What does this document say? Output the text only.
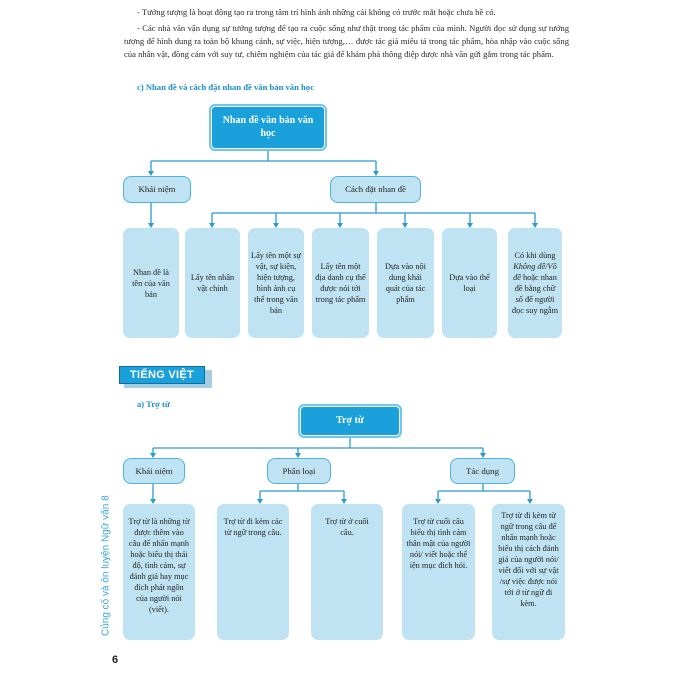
- Tưởng tượng là hoạt động tạo ra trong tâm trí hình ảnh những cái không có trước mắt hoặc chưa hề có.
- Các nhà văn vận dụng sự tưởng tượng để tạo ra cuộc sống như thật trong tác phẩm của mình. Người đọc sử dụng sự tưởng tượng để hình dung ra toàn bộ khung cảnh, sự việc, hiện tượng,… được tác giả miêu tả trong tác phẩm, hòa nhập vào cuộc sống của nhân vật, đồng cảm với suy tư, chiêm nghiệm của tác giả để khám phá thông điệp được nhà văn gửi gắm trong tác phẩm.
c) Nhan đề và cách đặt nhan đề văn bản văn học
Nhan đề văn bản văn học
Khái niệm	Cách đặt nhan đề
Nhan đề là tên của văn bản
Lấy tên nhân vật chính
Lấy tên một sự vật, sự kiện, hiện tượng, hình ảnh cụ thể trong văn bản
Lấy tên một địa danh cụ thể được nói tới trong tác phẩm
Dựa vào nội dung khái quát của tác phẩm
Dựa vào thể loại
Có khi dùng Không đề/Vô đề hoặc nhan đề bằng chữ số để người đọc suy ngẫm
TIẾNG VIỆT
a) Trợ từ
Trợ từ
Khái niệm	Phân loại	Tác dụng
Trợ từ là những từ được thêm vào câu để nhấn mạnh hoặc biểu thị thái độ, tình cảm, sự đánh giá hay mục đích phát ngôn của người nói (viết).
Trợ từ đi kèm các từ ngữ trong câu.
Trợ từ ở cuối câu.
Trợ từ cuối câu biểu thị tình cảm thân mật của người nói/ viết hoặc thể iện mục đích hỏi.
Trợ từ đi kèm từ ngữ trong câu để nhấn mạnh hoặc biểu thị cách đánh giá của người nói/ viết đối với sự vật /sự việc được nói tới ở từ ngữ đi kèm.
Củng cố và ôn luyện Ngữ văn 8
6
